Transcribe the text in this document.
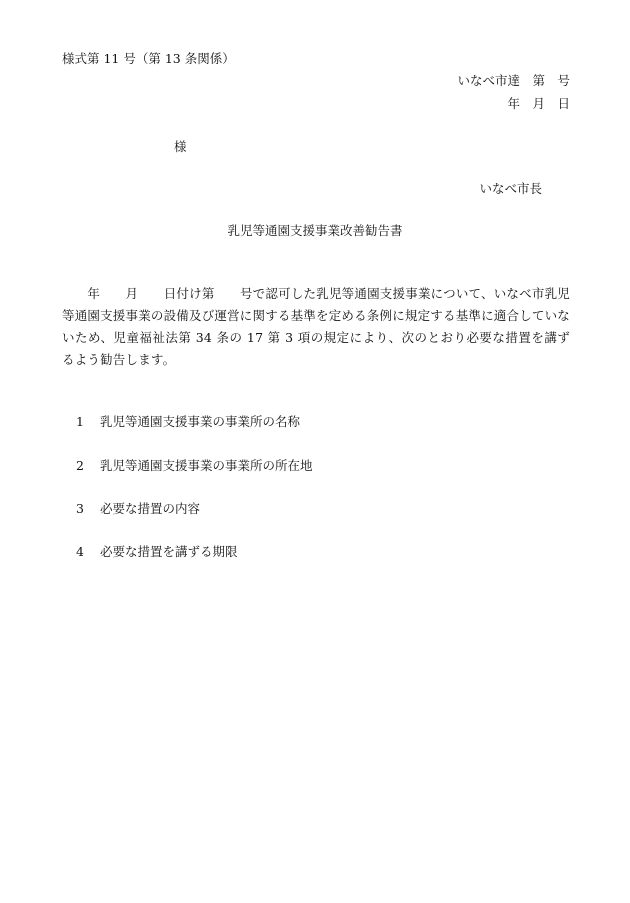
様式第 11 号（第 13 条関係）
いなべ市達　第　号
年　月　日
様
いなべ市長
乳児等通園支援事業改善勧告書
　　年　　月　　日付け第　　号で認可した乳児等通園支援事業について、いなべ市乳児等通園支援事業の設備及び運営に関する基準を定める条例に規定する基準に適合していないため、児童福祉法第 34 条の 17 第 3 項の規定により、次のとおり必要な措置を講ずるよう勧告します。
1 乳児等通園支援事業の事業所の名称
2 乳児等通園支援事業の事業所の所在地
3 必要な措置の内容
4 必要な措置を講ずる期限
